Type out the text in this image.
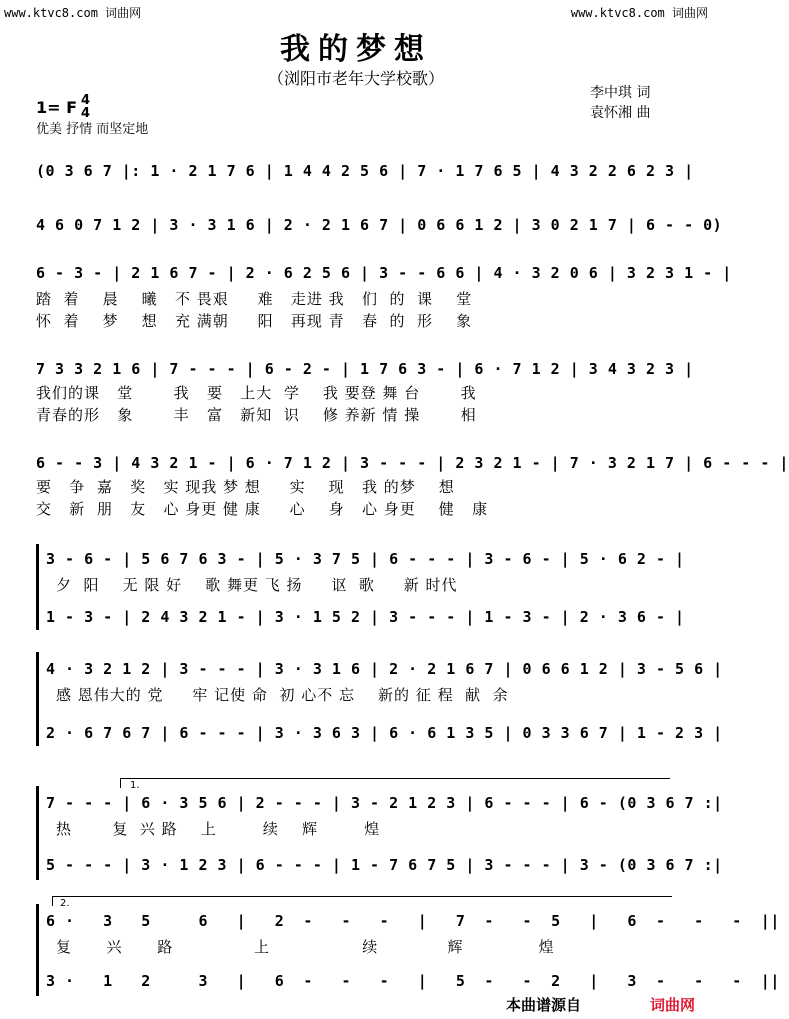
www.ktvc8.com 词曲网	www.ktvc8.com 词曲网
我的梦想
（浏阳市老年大学校歌）
李中琪 词
袁怀湘 曲
1= F 4
4
优美 抒情 而坚定地
(0 3 6 7 |: 1 · 2 1 7 6 | 1 4 4 2 5 6 | 7 · 1 7 6 5 | 4 3 2 2 6 2 3 |
4 6 0 7 1 2 | 3 · 3 1 6 | 2 · 2 1 6 7 | 0 6 6 1 2 | 3 0 2 1 7 | 6 - - 0)
6 - 3 - | 2 1 6 7 - | 2 · 6 2 5 6 | 3 - - 6 6 | 4 · 3 2 0 6 | 3 2 3 1 - |
踏  着    晨    曦   不 畏艰     难   走进 我   们  的  课    堂
怀  着    梦    想   充 满朝     阳   再现 青   春  的  形    象
7 3 3 2 1 6 | 7 - - - | 6 - 2 - | 1 7 6 3 - | 6 · 7 1 2 | 3 4 3 2 3 |
我们的课   堂       我   要   上大  学    我 要登 舞 台       我
青春的形   象       丰   富   新知  识    修 养新 情 操       相
6 - - 3 | 4 3 2 1 - | 6 · 7 1 2 | 3 - - - | 2 3 2 1 - | 7 · 3 2 1 7 | 6 - - - |
要   争  嘉   奖   实 现我 梦 想     实    现   我 的梦    想
交   新  朋   友   心 身更 健 康     心    身   心 身更    健   康
3 - 6 - | 5 6 7 6 3 - | 5 · 3 7 5 | 6 - - - | 3 - 6 - | 5 · 6 2 - |
夕  阳    无 限 好    歌 舞更 飞 扬     讴  歌     新 时代
1 - 3 - | 2 4 3 2 1 - | 3 · 1 5 2 | 3 - - - | 1 - 3 - | 2 · 3 6 - |
4 · 3 2 1 2 | 3 - - - | 3 · 3 1 6 | 2 · 2 1 6 7 | 0 6 6 1 2 | 3 - 5 6 |
感 恩伟大的 党     牢 记使 命  初 心不 忘    新的 征 程  献  余
2 · 6 7 6 7 | 6 - - - | 3 · 3 6 3 | 6 · 6 1 3 5 | 0 3 3 6 7 | 1 - 2 3 |
1.
7 - - - | 6 · 3 5 6 | 2 - - - | 3 - 2 1 2 3 | 6 - - - | 6 - (0 3 6 7 :|
热       复  兴 路    上        续    辉        煌
5 - - - | 3 · 1 2 3 | 6 - - - | 1 - 7 6 7 5 | 3 - - - | 3 - (0 3 6 7 :|
2.
6 ·   3   5     6   |   2  -   -   -   |   7  -   -  5   |   6  -   -   -  ||
复      兴      路              上                续            辉             煌
3 ·   1   2     3   |   6  -   -   -   |   5  -   -  2   |   3  -   -   -  ||
本曲谱源自	词曲网
